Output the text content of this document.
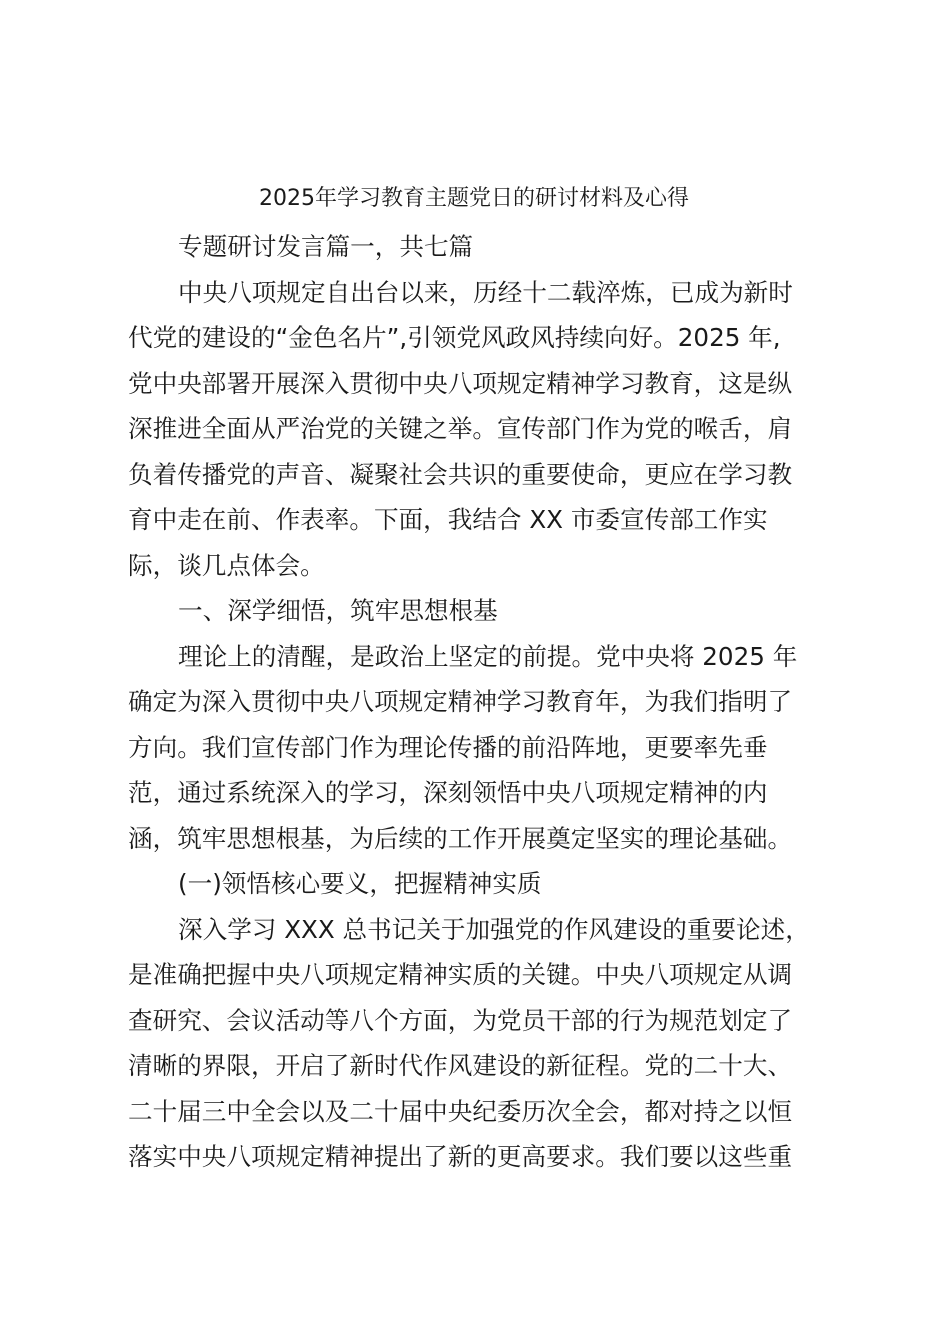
2025年学习教育主题党日的研讨材料及心得
专题研讨发言篇一，共七篇
中央八项规定自出台以来，历经十二载淬炼，已成为新时
代党的建设的“金色名片”,引领党风政风持续向好。2025 年,
党中央部署开展深入贯彻中央八项规定精神学习教育，这是纵
深推进全面从严治党的关键之举。宣传部门作为党的喉舌，肩
负着传播党的声音、凝聚社会共识的重要使命，更应在学习教
育中走在前、作表率。下面，我结合 XX 市委宣传部工作实
际，谈几点体会。
一、深学细悟，筑牢思想根基
理论上的清醒，是政治上坚定的前提。党中央将 2025 年
确定为深入贯彻中央八项规定精神学习教育年，为我们指明了
方向。我们宣传部门作为理论传播的前沿阵地，更要率先垂
范，通过系统深入的学习，深刻领悟中央八项规定精神的内
涵，筑牢思想根基，为后续的工作开展奠定坚实的理论基础。
(一)领悟核心要义，把握精神实质
深入学习 XXX 总书记关于加强党的作风建设的重要论述，
是准确把握中央八项规定精神实质的关键。中央八项规定从调
查研究、会议活动等八个方面，为党员干部的行为规范划定了
清晰的界限，开启了新时代作风建设的新征程。党的二十大、
二十届三中全会以及二十届中央纪委历次全会，都对持之以恒
落实中央八项规定精神提出了新的更高要求。我们要以这些重
